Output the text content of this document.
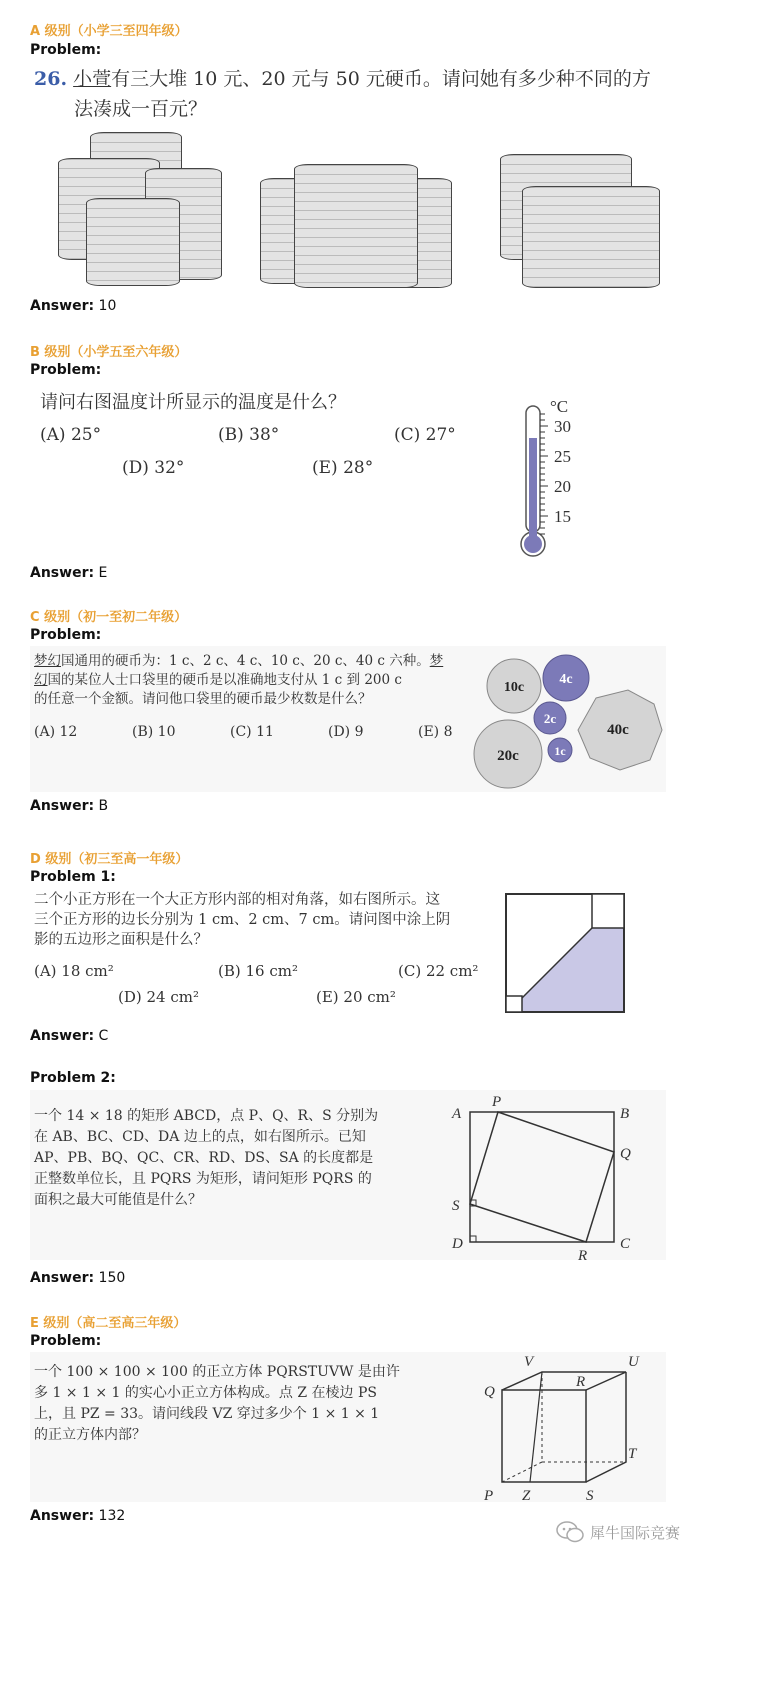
A 级别（小学三至四年级）
Problem:
26. 小萱有三大堆 10 元、20 元与 50 元硬币。请问她有多少种不同的方
法凑成一百元？
Answer: 10
B 级别（小学五至六年级）
Problem:
请问右图温度计所显示的温度是什么？
(A) 25°	(B) 38°	(C) 27°
(D) 32°	(E) 28°
°C
30
25
20
15
Answer: E
C 级别（初一至初二年级）
Problem:
梦幻国通用的硬币为：1 c、2 c、4 c、10 c、20 c、40 c 六种。梦
幻国的某位人士口袋里的硬币是以准确地支付从 1 c 到 200 c
的任意一个金额。请问他口袋里的硬币最少枚数是什么？
(A) 12	(B) 10	(C) 11	(D) 9	(E) 8
10c
4c
2c
40c
20c	1c
Answer: B
D 级别（初三至高一年级）
Problem 1:
二个小正方形在一个大正方形内部的相对角落，如右图所示。这
三个正方形的边长分别为 1 cm、2 cm、7 cm。请问图中涂上阴
影的五边形之面积是什么？
(A) 18 cm²	(B) 16 cm²	(C) 22 cm²
(D) 24 cm²	(E) 20 cm²
Answer: C
Problem 2:
一个 14 × 18 的矩形 ABCD，点 P、Q、R、S 分别为
在 AB、BC、CD、DA 边上的点，如右图所示。已知
AP、PB、BQ、QC、CR、RD、DS、SA 的长度都是
正整数单位长，且 PQRS 为矩形，请问矩形 PQRS 的
面积之最大可能值是什么？
A
P
B
Q
S
D
R
C
Answer: 150
E 级别（高二至高三年级）
Problem:
一个 100 × 100 × 100 的正立方体 PQRSTUVW 是由许
多 1 × 1 × 1 的实心小正立方体构成。点 Z 在棱边 PS
上，且 PZ = 33。请问线段 VZ 穿过多少个 1 × 1 × 1
的正立方体内部？
V	U
Q
R
T
P Z	S
Answer: 132
犀牛国际竞赛
